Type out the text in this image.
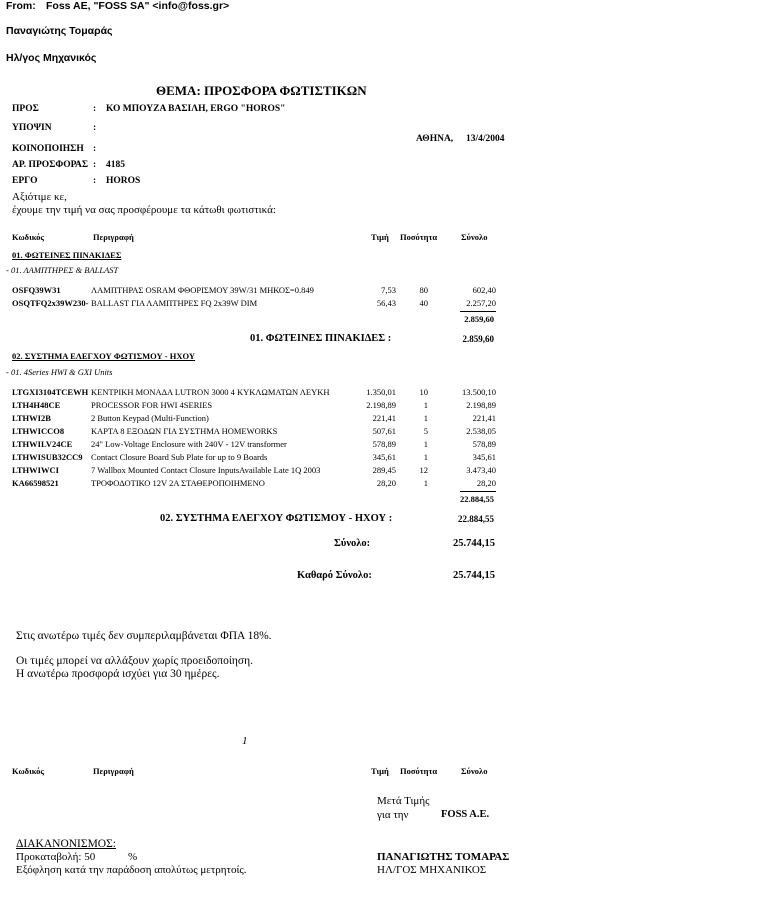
From: Foss AE, "FOSS SA" <info@foss.gr>
Παναγιώτης Τομαράς
Ηλ/γος Μηχανικός
ΘΕΜΑ: ΠΡΟΣΦΟΡΑ ΦΩΤΙΣΤΙΚΩΝ
ΠΡΟΣ	: ΚΟ ΜΠΟΥΖΑ ΒΑΣΙΛΗ, ERGO "HOROS"
ΥΠΟΨΙΝ	:
ΑΘΗΝΑ, 13/4/2004
ΚΟΙΝΟΠΟΙΗΣΗ :
ΑΡ. ΠΡΟΣΦΟΡΑΣ : 4185
ΕΡΓΟ	: HOROS
Αξιότιμε κε,
έχουμε την τιμή να σας προσφέρουμε τα κάτωθι φωτιστικά:
Κωδικός	Περιγραφή	Τιμή Ποσότητα	Σύνολο
01. ΦΩΤΕΙΝΕΣ ΠΙΝΑΚΙΔΕΣ
- 01. ΛΑΜΠΤΗΡΕΣ & BALLAST
OSFQ39W31	ΛΑΜΠΤΗΡΑΣ OSRAM ΦΘΟΡΙΣΜΟΥ 39W/31 ΜΗΚΟΣ=0.849	7,53	80	602,40
OSQTFQ2x39W230- BALLAST ΓΙΑ ΛΑΜΠΤΗΡΕΣ FQ 2x39W DIM	56,43	40	2.257,20
2.859,60
01. ΦΩΤΕΙΝΕΣ ΠΙΝΑΚΙΔΕΣ :	2.859,60
02. ΣΥΣΤΗΜΑ ΕΛΕΓΧΟΥ ΦΩΤΙΣΜΟΥ - ΗΧΟΥ
- 01. 4Series HWI & GXI Units
LTGXI3104TCEWH ΚΕΝΤΡΙΚΗ ΜΟΝΑΔΑ LUTRON 3000 4 ΚΥΚΛΩΜΑΤΩΝ ΛΕΥΚΗ	1.350,01	10	13.500,10
LTH4H48CE	PROCESSOR FOR HWI 4SERIES	2.198,89	1	2.198,89
LTHWI2B	2 Button Keypad (Multi-Function)	221,41	1	221,41
LTHWICCO8	ΚΑΡΤΑ 8 ΕΞΟΔΩΝ ΓΙΑ ΣΥΣΤΗΜΑ HOMEWORKS	507,61	5	2.538,05
LTHWILV24CE 24" Low-Voltage Enclosure with 240V - 12V transformer	578,89	1	578,89
LTHWISUB32CC9 Contact Closure Board Sub Plate for up to 9 Boards	345,61	1	345,61
LTHWIWCI	7 Wallbox Mounted Contact Closure InputsAvailable Late 1Q 2003	289,45	12	3.473,40
KA66598521	ΤΡΟΦΟΔΟΤΙΚΟ 12V 2A ΣΤΑΘΕΡΟΠΟΙΗΜΕΝΟ	28,20	1	28,20
22.884,55
02. ΣΥΣΤΗΜΑ ΕΛΕΓΧΟΥ ΦΩΤΙΣΜΟΥ - ΗΧΟΥ :	22.884,55
Σύνολο:	25.744,15
Καθαρό Σύνολο:	25.744,15
Στις ανωτέρω τιμές δεν συμπεριλαμβάνεται ΦΠΑ 18%.
Οι τιμές μπορεί να αλλάξουν χωρίς προειδοποίηση.
Η ανωτέρω προσφορά ισχύει για 30 ημέρες.
1
Κωδικός	Περιγραφή	Τιμή Ποσότητα	Σύνολο
Μετά Τιμής
για την	FOSS A.E.
ΔΙΑΚΑΝΟΝΙΣΜΟΣ:
Προκαταβολή: 50	%
Εξόφληση κατά την παράδοση απολύτως μετρητοίς.
ΠΑΝΑΓΙΩΤΗΣ ΤΟΜΑΡΑΣ
ΗΛ/ΓΟΣ ΜΗΧΑΝΙΚΟΣ
